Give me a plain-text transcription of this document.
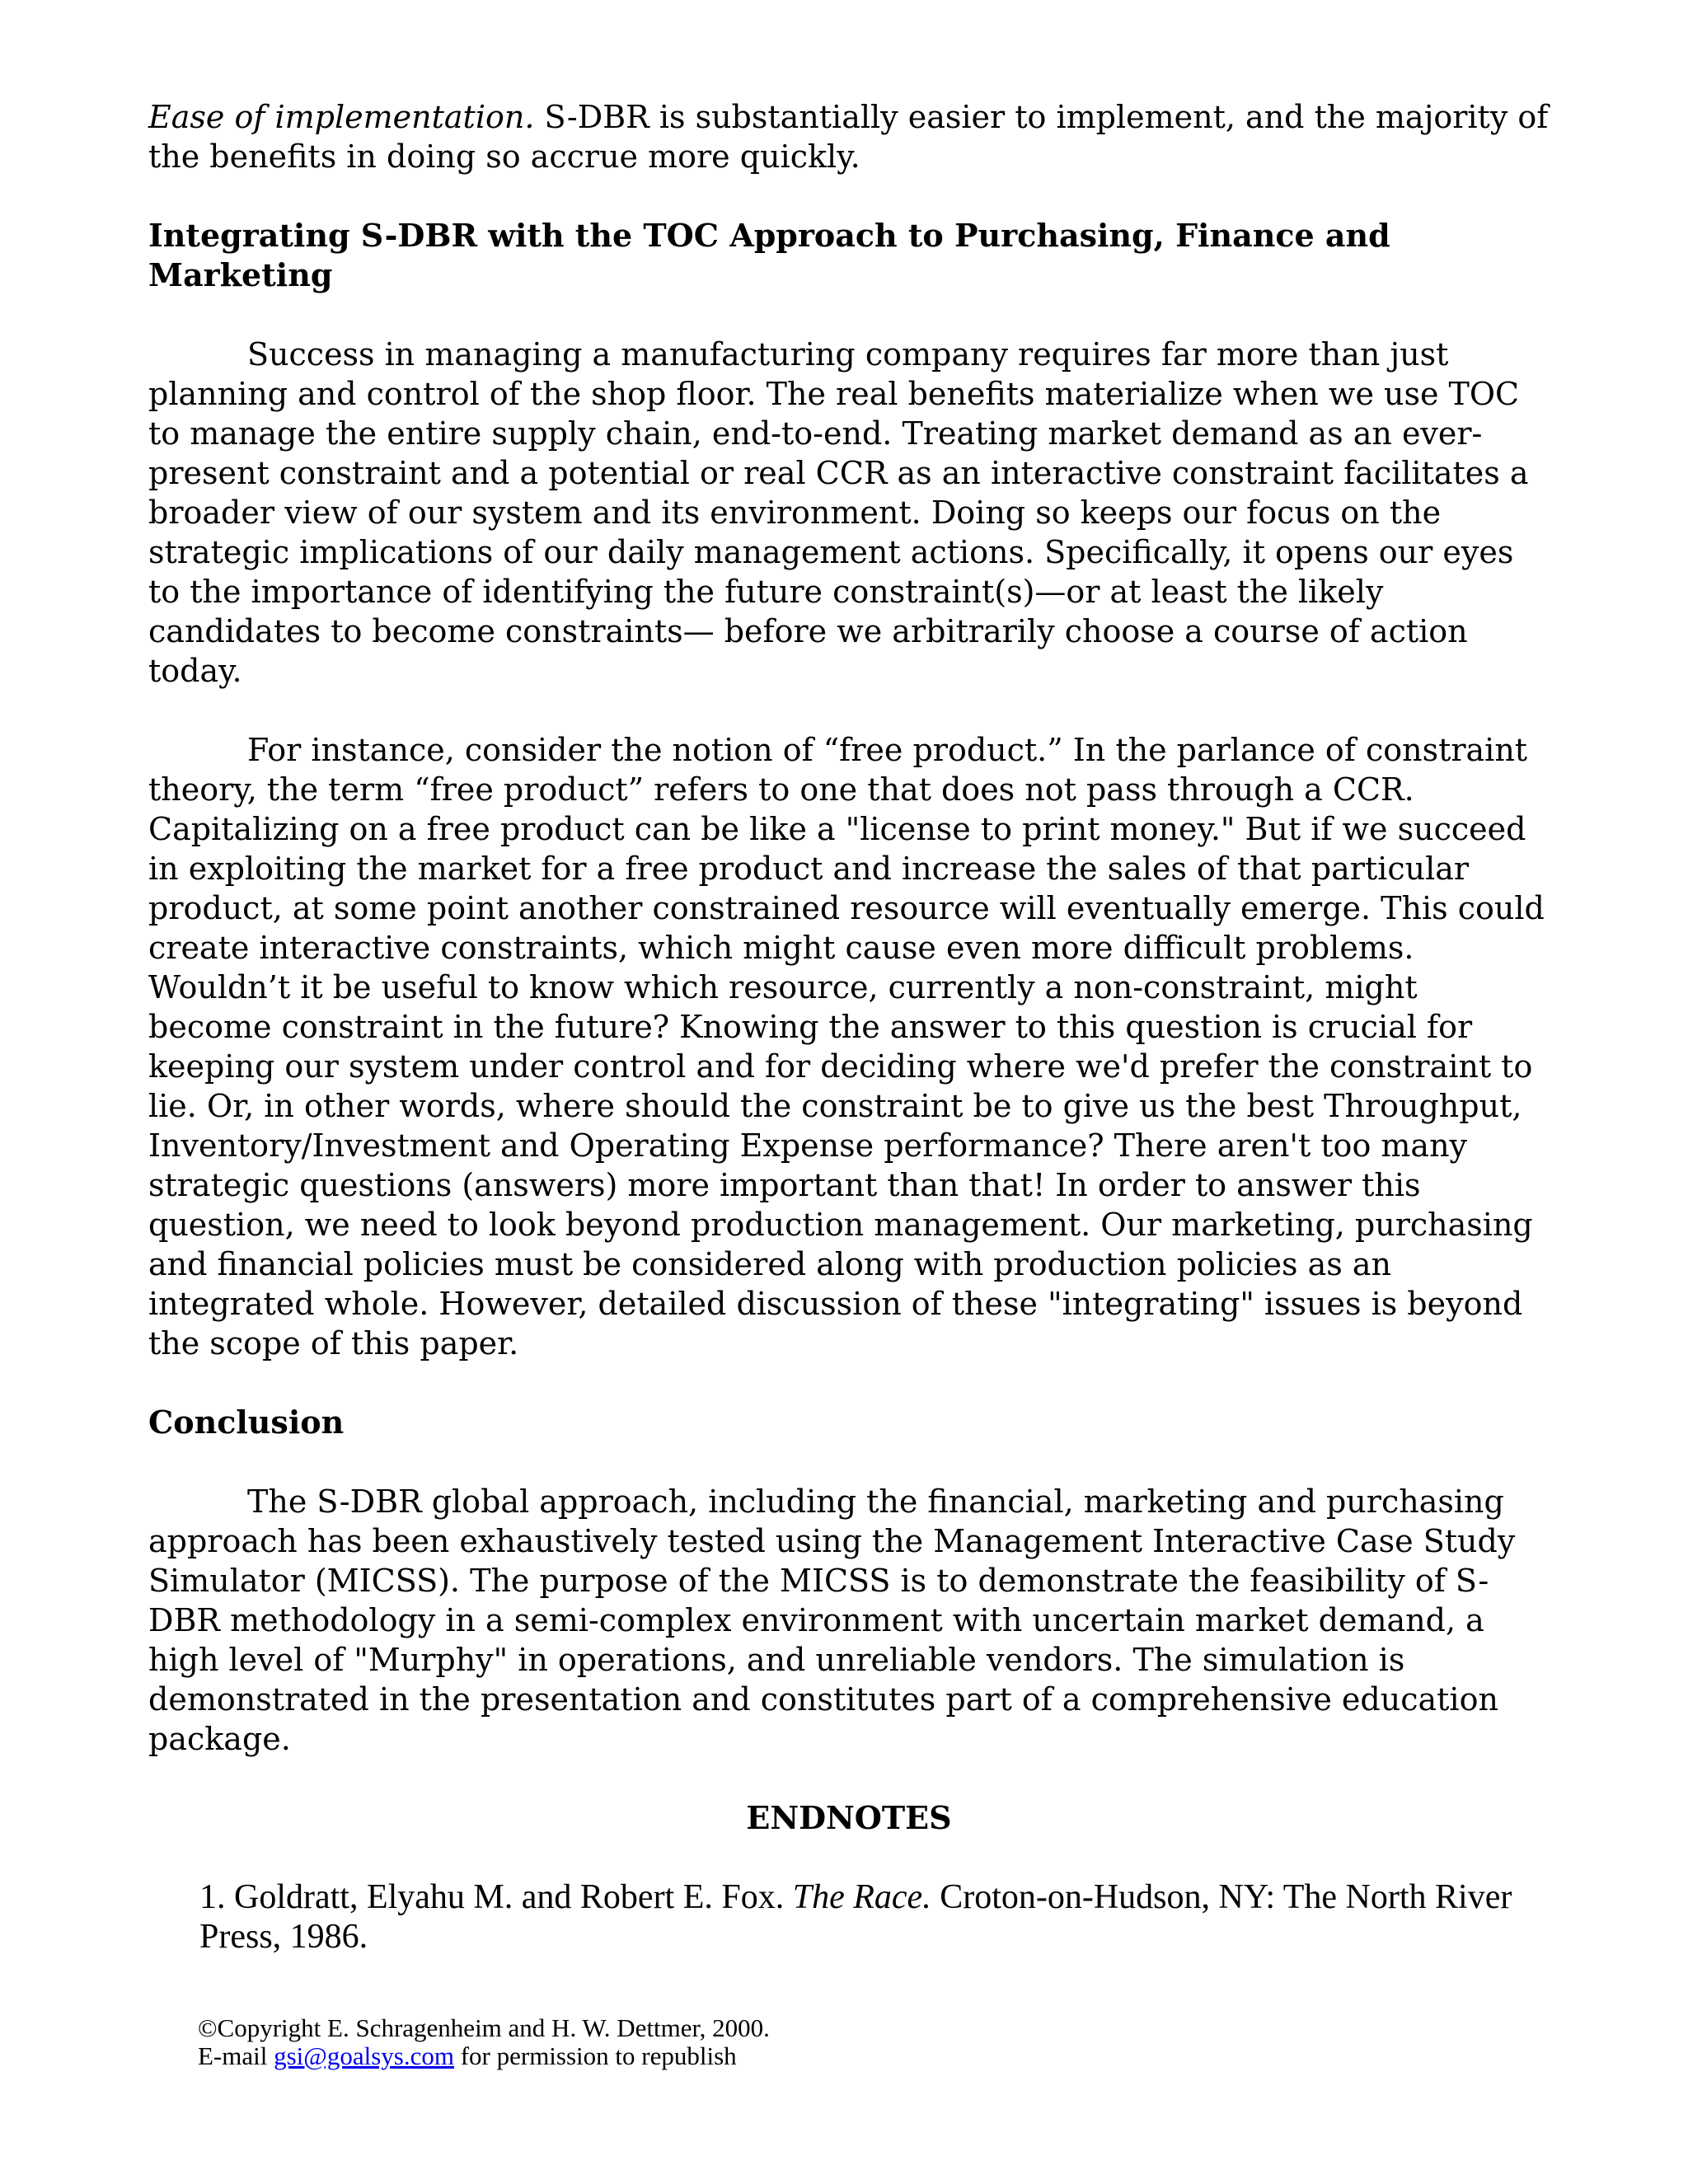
Ease of implementation. S-DBR is substantially easier to implement, and the majority of the benefits in doing so accrue more quickly.

Integrating S-DBR with the TOC Approach to Purchasing, Finance and Marketing

Success in managing a manufacturing company requires far more than just planning and control of the shop floor. The real benefits materialize when we use TOC to manage the entire supply chain, end-to-end. Treating market demand as an ever-present constraint and a potential or real CCR as an interactive constraint facilitates a broader view of our system and its environment. Doing so keeps our focus on the strategic implications of our daily management actions. Specifically, it opens our eyes to the importance of identifying the future constraint(s)—or at least the likely candidates to become constraints— before we arbitrarily choose a course of action today.

For instance, consider the notion of “free product.” In the parlance of constraint theory, the term “free product” refers to one that does not pass through a CCR. Capitalizing on a free product can be like a "license to print money." But if we succeed in exploiting the market for a free product and increase the sales of that particular product, at some point another constrained resource will eventually emerge. This could create interactive constraints, which might cause even more difficult problems. Wouldn’t it be useful to know which resource, currently a non-constraint, might become constraint in the future? Knowing the answer to this question is crucial for keeping our system under control and for deciding where we'd prefer the constraint to lie. Or, in other words, where should the constraint be to give us the best Throughput, Inventory/Investment and Operating Expense performance? There aren't too many strategic questions (answers) more important than that! In order to answer this question, we need to look beyond production management. Our marketing, purchasing and financial policies must be considered along with production policies as an integrated whole. However, detailed discussion of these "integrating" issues is beyond the scope of this paper.

Conclusion

The S-DBR global approach, including the financial, marketing and purchasing approach has been exhaustively tested using the Management Interactive Case Study Simulator (MICSS). The purpose of the MICSS is to demonstrate the feasibility of S-DBR methodology in a semi-complex environment with uncertain market demand, a high level of "Murphy" in operations, and unreliable vendors. The simulation is demonstrated in the presentation and constitutes part of a comprehensive education package.

ENDNOTES

1. Goldratt, Elyahu M. and Robert E. Fox. The Race. Croton-on-Hudson, NY: The North River Press, 1986.

©Copyright E. Schragenheim and H. W. Dettmer, 2000.
E-mail gsi@goalsys.com for permission to republish
